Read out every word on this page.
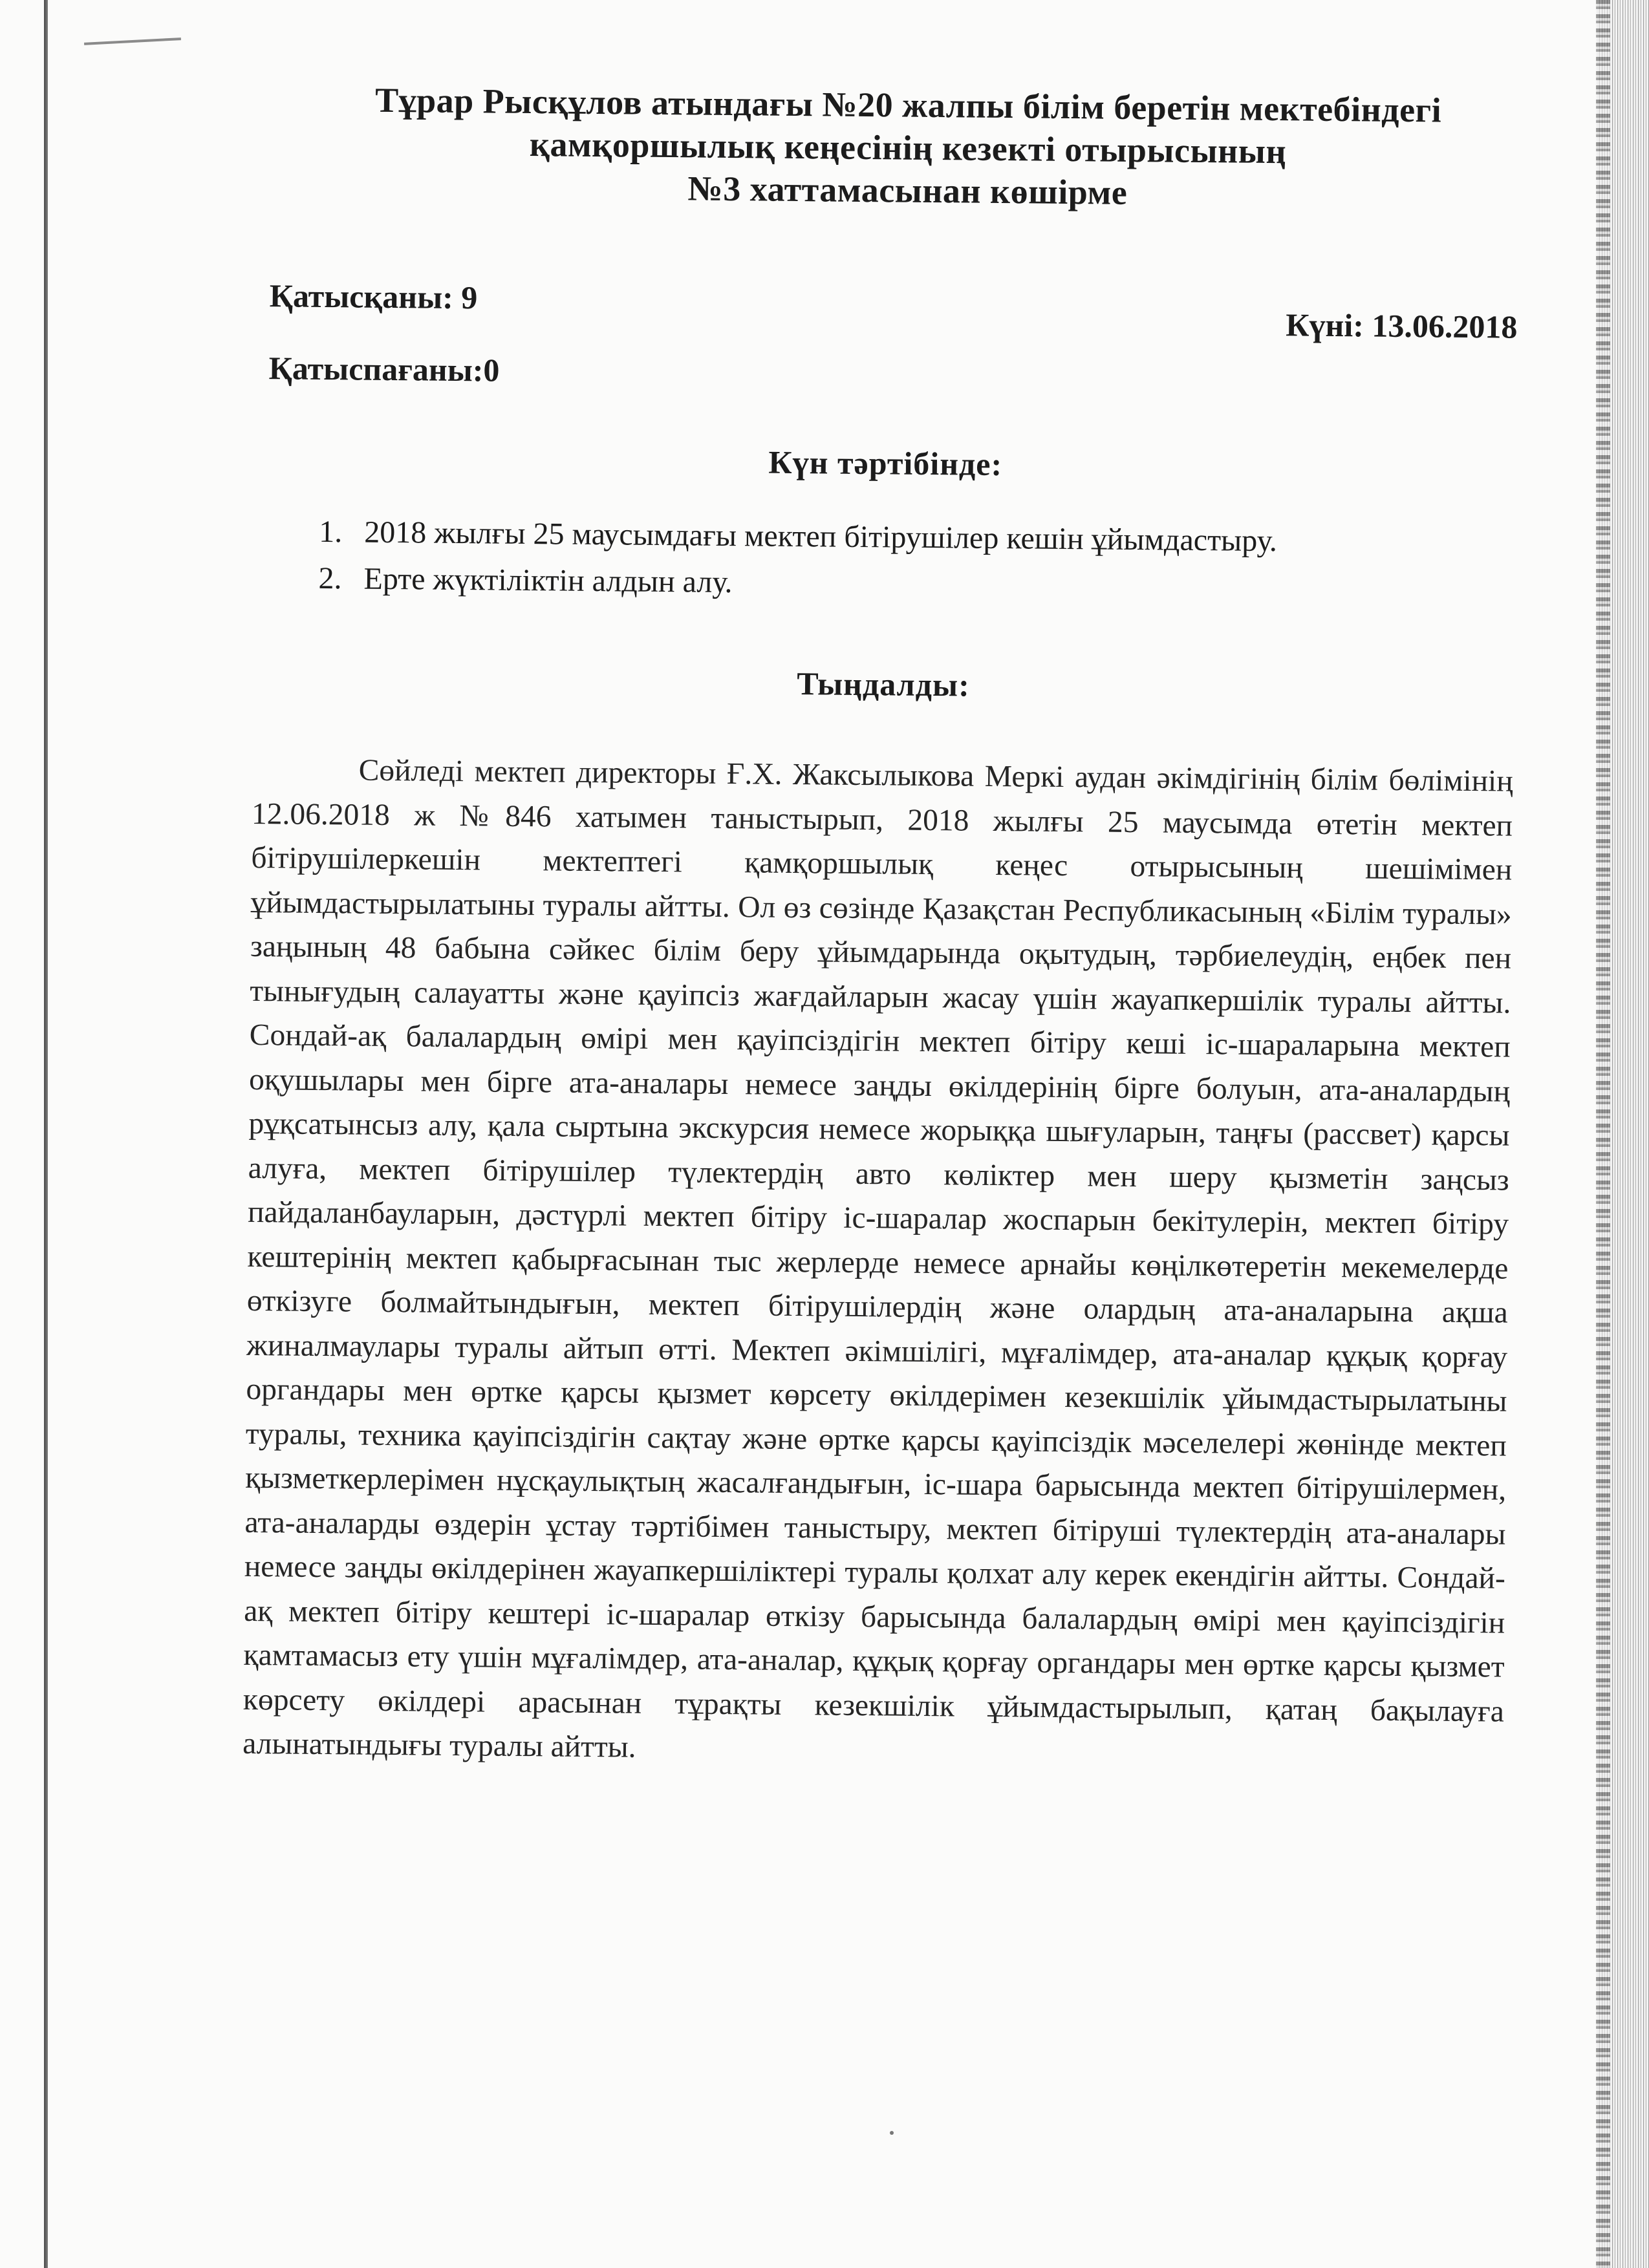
Тұрар Рысқұлов атындағы №20 жалпы білім беретін мектебіндегі
қамқоршылық кеңесінің кезекті отырысының
№3 хаттамасынан көшірме
Қатысқаны: 9
Қатыспағаны:0
Күні: 13.06.2018
Күн тәртібінде:
1. 2018 жылғы 25 маусымдағы мектеп бітірушілер кешін ұйымдастыру.
2. Ерте жүктіліктін алдын алу.
Тыңдалды:

Сөйледі мектеп директоры Ғ.Х. Жаксылыкова Меркі аудан әкімдігінің білім бөлімінің 12.06.2018 ж №846 хатымен таныстырып, 2018 жылғы 25 маусымда өтетін мектеп бітірушілеркешін мектептегі қамқоршылық кеңес отырысының шешімімен ұйымдастырылатыны туралы айтты. Ол өз сөзінде Қазақстан Республикасының «Білім туралы» заңының 48 бабына сәйкес білім беру ұйымдарында оқытудың, тәрбиелеудің, еңбек пен тынығудың салауатты және қауіпсіз жағдайларын жасау үшін жауапкершілік туралы айтты. Сондай-ақ балалардың өмірі мен қауіпсіздігін мектеп бітіру кеші іс-шараларына мектеп оқушылары мен бірге ата-аналары немесе заңды өкілдерінің бірге болуын, ата-аналардың рұқсатынсыз алу, қала сыртына экскурсия немесе жорыққа шығуларын, таңғы (рассвет) қарсы алуға, мектеп бітірушілер түлектердің авто көліктер мен шеру қызметін заңсыз пайдаланбауларын, дәстүрлі мектеп бітіру іс-шаралар жоспарын бекітулерін, мектеп бітіру кештерінің мектеп қабырғасынан тыс жерлерде немесе арнайы көңілкөтеретін мекемелерде өткізуге болмайтындығын, мектеп бітірушілердің және олардың ата-аналарына ақша жиналмаулары туралы айтып өтті. Мектеп әкімшілігі, мұғалімдер, ата-аналар құқық қорғау органдары мен өртке қарсы қызмет көрсету өкілдерімен кезекшілік ұйымдастырылатыны туралы, техника қауіпсіздігін сақтау және өртке қарсы қауіпсіздік мәселелері жөнінде мектеп қызметкерлерімен нұсқаулықтың жасалғандығын, іс-шара барысында мектеп бітірушілермен, ата-аналарды өздерін ұстау тәртібімен таныстыру, мектеп бітіруші түлектердің ата-аналары немесе заңды өкілдерінен жауапкершіліктері туралы қолхат алу керек екендігін айтты. Сондай-ақ мектеп бітіру кештері іс-шаралар өткізу барысында балалардың өмірі мен қауіпсіздігін қамтамасыз ету үшін мұғалімдер, ата-аналар, құқық қорғау органдары мен өртке қарсы қызмет көрсету өкілдері арасынан тұрақты кезекшілік ұйымдастырылып, қатаң бақылауға алынатындығы туралы айтты.
